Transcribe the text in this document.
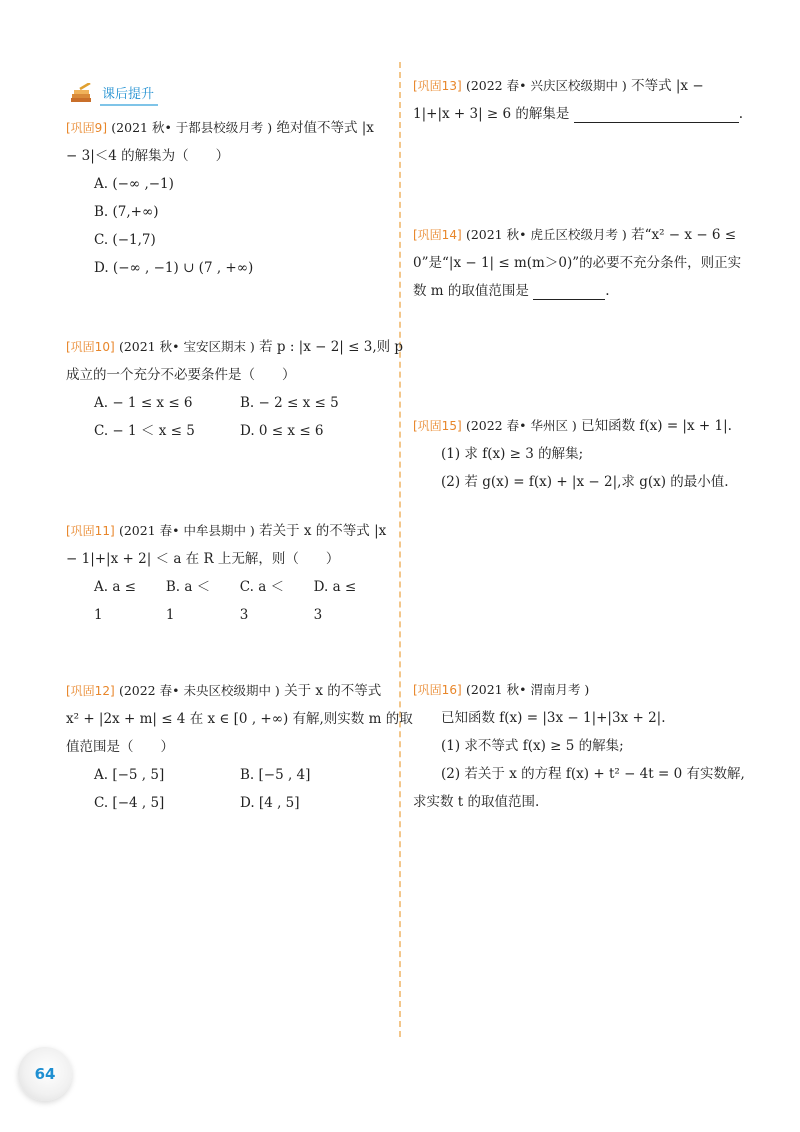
课后提升
[巩固9] (2021 秋• 于都县校级月考 ) 绝对值不等式 |x
− 3|＜4 的解集为（　　）
A. (−∞ ,−1)
B. (7,+∞)
C. (−1,7)
D. (−∞ , −1) ∪ (7 , +∞)
[巩固10] (2021 秋• 宝安区期末 ) 若 p : |x − 2| ≤ 3,则 p
成立的一个充分不必要条件是（　　）
A. − 1 ≤ x ≤ 6	B. − 2 ≤ x ≤ 5
C. − 1 ＜ x ≤ 5	D. 0 ≤ x ≤ 6
[巩固11] (2021 春• 中牟县期中 ) 若关于 x 的不等式 |x
− 1|+|x + 2| ＜ a 在 R 上无解，则（　　）
A. a ≤ 1
B. a ＜ 1
C. a ＜ 3
D. a ≤ 3
[巩固12] (2022 春• 未央区校级期中 ) 关于 x 的不等式
x² + |2x + m| ≤ 4 在 x ∈ [0 , +∞) 有解,则实数 m 的取
值范围是（　　）
A. [−5 , 5]	B. [−5 , 4]
C. [−4 , 5]	D. [4 , 5]
[巩固13] (2022 春• 兴庆区校级期中 ) 不等式 |x −
1|+|x + 3| ≥ 6 的解集是	.
[巩固14] (2021 秋• 虎丘区校级月考 ) 若“x² − x − 6 ≤
0”是“|x − 1| ≤ m(m＞0)”的必要不充分条件，则正实
数 m 的取值范围是	.
[巩固15] (2022 春• 华州区 ) 已知函数 f(x) = |x + 1|.
(1) 求 f(x) ≥ 3 的解集;
(2) 若 g(x) = f(x) + |x − 2|,求 g(x) 的最小值.
[巩固16] (2021 秋• 渭南月考 )
已知函数 f(x) = |3x − 1|+|3x + 2|.
(1) 求不等式 f(x) ≥ 5 的解集;
(2) 若关于 x 的方程 f(x) + t² − 4t = 0 有实数解,
求实数 t 的取值范围.
64
